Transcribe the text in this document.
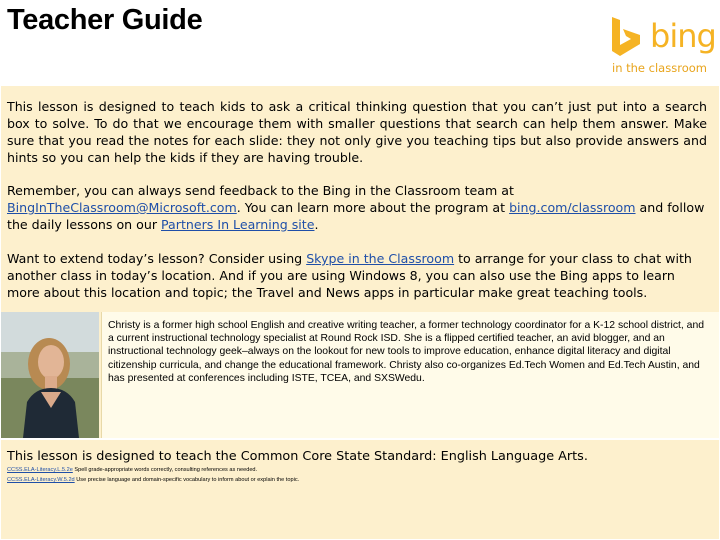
Teacher Guide	bing
in the classroom

This lesson is designed to teach kids to ask a critical thinking question that you can’t just put into a search box to solve. To do that we encourage them with smaller questions that search can help them answer. Make sure that you read the notes for each slide: they not only give you teaching tips but also provide answers and hints so you can help the kids if they are having trouble.

Remember, you can always send feedback to the Bing in the Classroom team at BingInTheClassroom@Microsoft.com. You can learn more about the program at bing.com/classroom and follow the daily lessons on our Partners In Learning site.

Want to extend today’s lesson? Consider using Skype in the Classroom to arrange for your class to chat with another class in today’s location. And if you are using Windows 8, you can also use the Bing apps to learn more about this location and topic; the Travel and News apps in particular make great teaching tools.

Christy is a former high school English and creative writing teacher, a former technology coordinator for a K-12 school district, and a current instructional technology specialist at Round Rock ISD. She is a flipped certified teacher, an avid blogger, and an instructional technology geek–always on the lookout for new tools to improve education, enhance digital literacy and digital citizenship curricula, and change the educational framework. Christy also co-organizes Ed.Tech Women and Ed.Tech Austin, and has presented at conferences including ISTE, TCEA, and SXSWedu.

This lesson is designed to teach the Common Core State Standard: English Language Arts.

CCSS.ELA-Literacy.L.5.2e Spell grade-appropriate words correctly, consulting references as needed.

CCSS.ELA-Literacy.W.5.2d Use precise language and domain-specific vocabulary to inform about or explain the topic.
